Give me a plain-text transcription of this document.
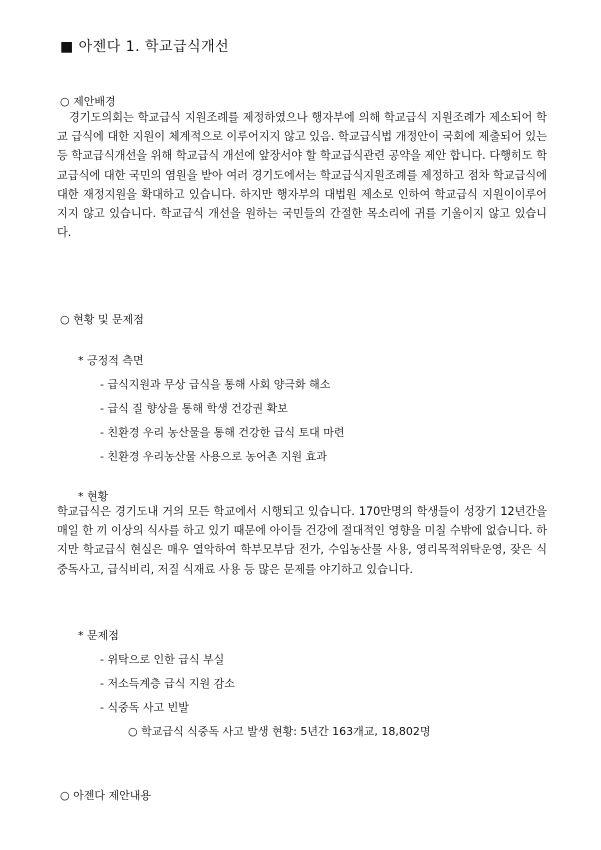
■ 아젠다 1. 학교급식개선
○ 제안배경
경기도의회는 학교급식 지원조례를 제정하였으나 행자부에 의해 학교급식 지원조례가 제소되어 학교 급식에 대한 지원이 체계적으로 이루어지지 않고 있음. 학교급식법 개정안이 국회에 제출되어 있는 등 학교급식개선을 위해 학교급식 개선에 앞장서야 할 학교급식관련 공약을 제안 합니다. 다행히도 학교급식에 대한 국민의 염원을 받아 여러 경기도에서는 학교급식지원조례를 제정하고 점차 학교급식에 대한 재정지원을 확대하고 있습니다. 하지만 행자부의 대법원 제소로 인하여 학교급식 지원이이루어지지 않고 있습니다. 학교급식 개선을 원하는 국민들의 간절한 목소리에 귀를 기울이지 않고 있습니다.
○ 현황 및 문제점
* 긍정적 측면
- 급식지원과 무상 급식을 통해 사회 양극화 해소
- 급식 질 향상을 통해 학생 건강권 확보
- 친환경 우리 농산물을 통해 건강한 급식 토대 마련
- 친환경 우리농산물 사용으로 농어촌 지원 효과
* 현황
학교급식은 경기도내 거의 모든 학교에서 시행되고 있습니다. 170만명의 학생들이 성장기 12년간을 매일 한 끼 이상의 식사를 하고 있기 때문에 아이들 건강에 절대적인 영향을 미칠 수밖에 없습니다. 하지만 학교급식 현실은 매우 열악하여 학부모부담 전가, 수입농산물 사용, 영리목적위탁운영, 잦은 식중독사고, 급식비리, 저질 식재료 사용 등 많은 문제를 야기하고 있습니다.
* 문제점
- 위탁으로 인한 급식 부실
- 저소득계층 급식 지원 감소
- 식중독 사고 빈발
○ 학교급식 식중독 사고 발생 현황: 5년간 163개교, 18,802명
○ 아젠다 제안내용
